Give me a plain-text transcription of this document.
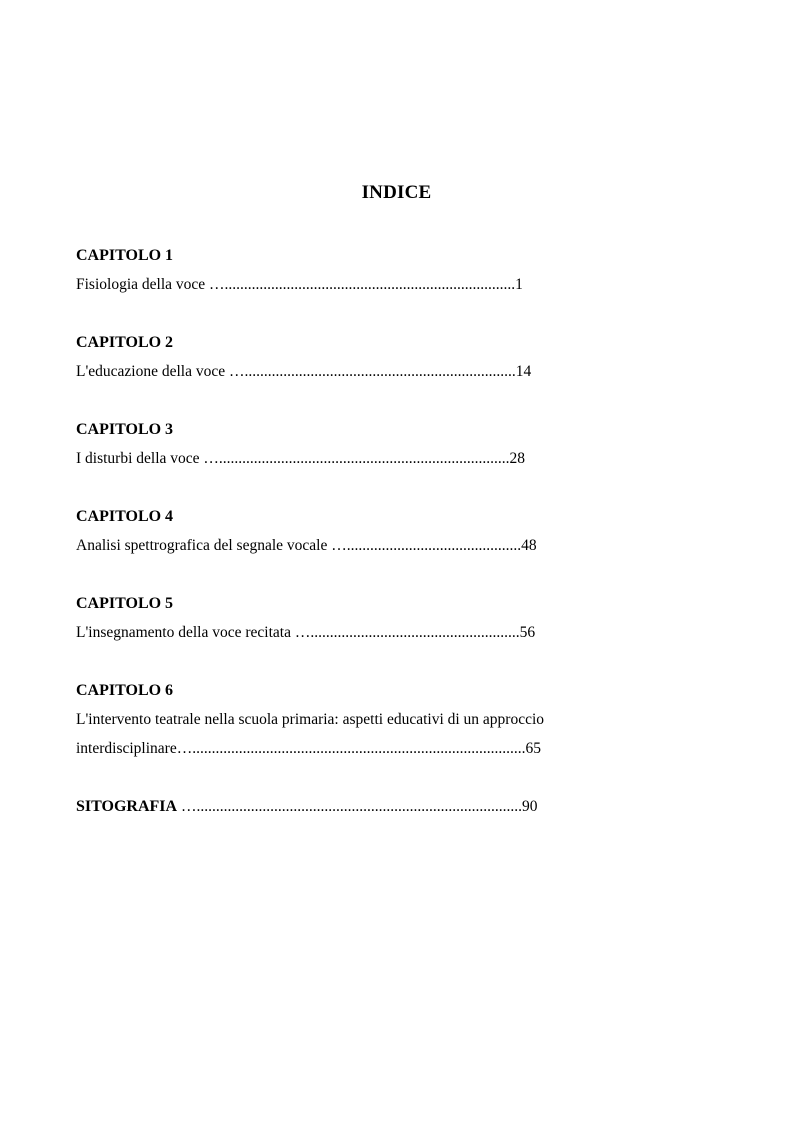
INDICE
CAPITOLO 1
Fisiologia della voce …...........................................................................1
CAPITOLO 2
L'educazione della voce …......................................................................14
CAPITOLO 3
I disturbi della voce …...........................................................................28
CAPITOLO 4
Analisi spettrografica del segnale vocale ….............................................48
CAPITOLO 5
L'insegnamento della voce recitata …......................................................56
CAPITOLO 6
L'intervento teatrale nella scuola primaria: aspetti educativi di un approccio
interdisciplinare…......................................................................................65
SITOGRAFIA …....................................................................................90
